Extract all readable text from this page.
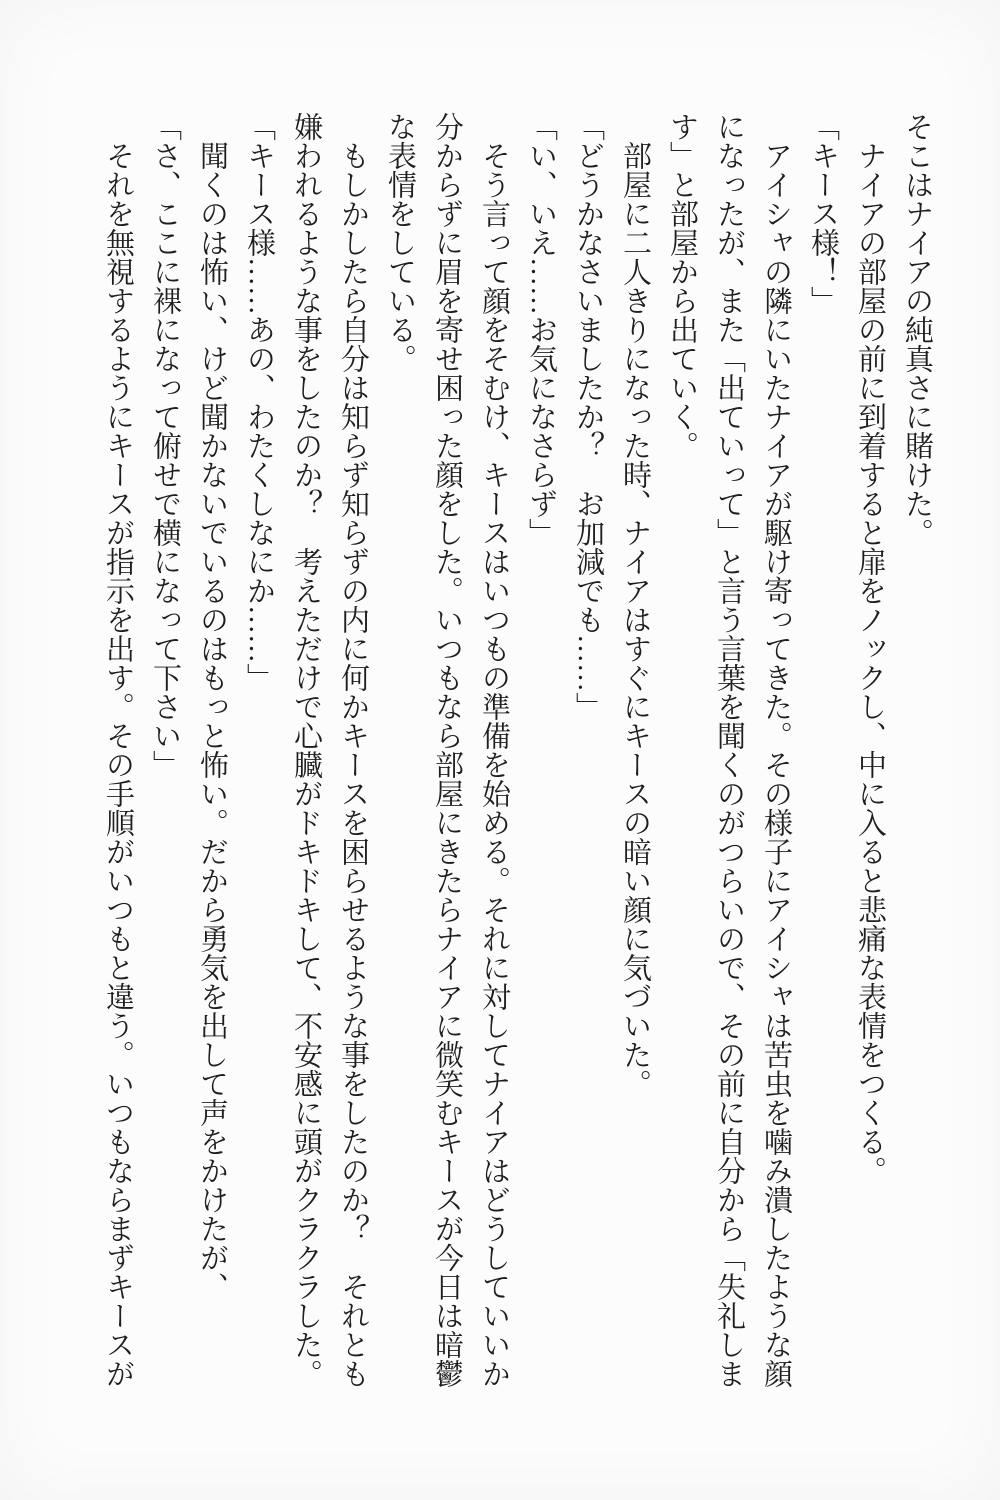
そこはナイアの純真さに賭けた。

ナイアの部屋の前に到着すると扉をノックし、中に入ると悲痛な表情をつくる。

「キース様！」

アイシャの隣にいたナイアが駆け寄ってきた。その様子にアイシャは苦虫を噛み潰したような顔になったが、また「出ていって」と言う言葉を聞くのがつらいので、その前に自分から「失礼します」と部屋から出ていく。

部屋に二人きりになった時、ナイアはすぐにキースの暗い顔に気づいた。

「どうかなさいましたか？　お加減でも……」

「い、いえ……お気になさらず」

そう言って顔をそむけ、キースはいつもの準備を始める。それに対してナイアはどうしていいか分からずに眉を寄せ困った顔をした。いつもなら部屋にきたらナイアに微笑むキースが今日は暗鬱な表情をしている。

もしかしたら自分は知らず知らずの内に何かキースを困らせるような事をしたのか？　それとも嫌われるような事をしたのか？　考えただけで心臓がドキドキして、不安感に頭がクラクラした。

「キース様……あの、わたくしなにか……」

聞くのは怖い、けど聞かないでいるのはもっと怖い。だから勇気を出して声をかけたが、

「さ、ここに裸になって俯せで横になって下さい」

それを無視するようにキースが指示を出す。その手順がいつもと違う。いつもならまずキースが
